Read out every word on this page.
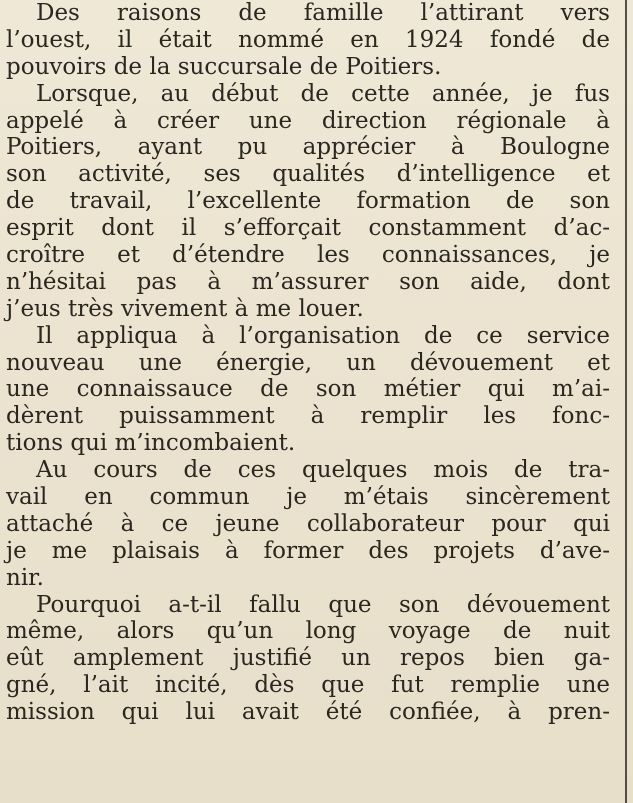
Des raisons de famille l’attirant vers
l’ouest, il était nommé en 1924 fondé de
pouvoirs de la succursale de Poitiers.
Lorsque, au début de cette année, je fus
appelé à créer une direction régionale à
Poitiers, ayant pu apprécier à Boulogne
son activité, ses qualités d’intelligence et
de travail, l’excellente formation de son
esprit dont il s’efforçait constamment d’ac-
croître et d’étendre les connaissances, je
n’hésitai pas à m’assurer son aide, dont
j’eus très vivement à me louer.
Il appliqua à l’organisation de ce service
nouveau une énergie, un dévouement et
une connaissauce de son métier qui m’ai-
dèrent puissamment à remplir les fonc-
tions qui m’incombaient.
Au cours de ces quelques mois de tra-
vail en commun je m’étais sincèrement
attaché à ce jeune collaborateur pour qui
je me plaisais à former des projets d’ave-
nir.
Pourquoi a-t-il fallu que son dévouement
même, alors qu’un long voyage de nuit
eût amplement justifié un repos bien ga-
gné, l’ait incité, dès que fut remplie une
mission qui lui avait été confiée, à pren-
